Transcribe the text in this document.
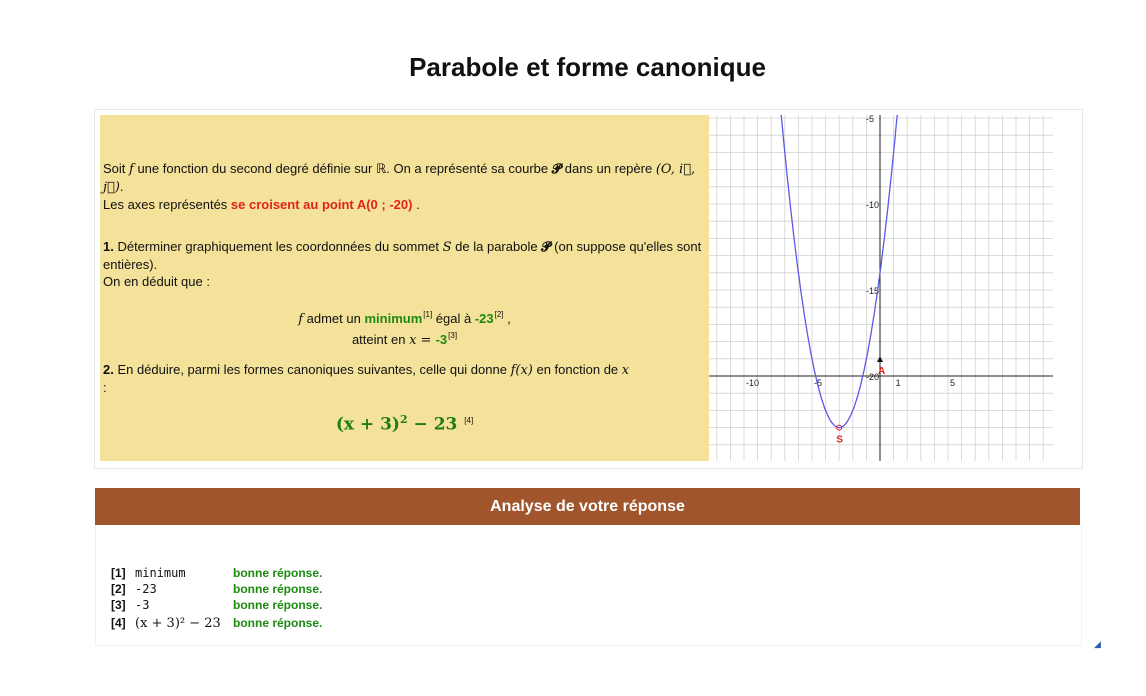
Parabole et forme canonique

Soit f une fonction du second degré définie sur ℝ. On a représenté sa courbe 𝓟 dans un repère (O, i⃗, j⃗).
Les axes représentés se croisent au point A(0 ; -20) .

1. Déterminer graphiquement les coordonnées du sommet S de la parabole 𝓟 (on suppose qu'elles sont entières).
On en déduit que :

f admet un minimum[1] égal à -23[2] ,

atteint en x = -3[3]

2. En déduire, parmi les formes canoniques suivantes, celle qui donne f(x) en fonction de x
:

$(x + 3)^2 - 23$ [4]
-10	-5	1	5
-5
-10
-15
-20
S
A
Analyse de votre réponse
[1] minimum	bonne réponse.
[2] -23	bonne réponse.
[3] -3	bonne réponse.
[4] (x + 3)² − 23 bonne réponse.
◢
